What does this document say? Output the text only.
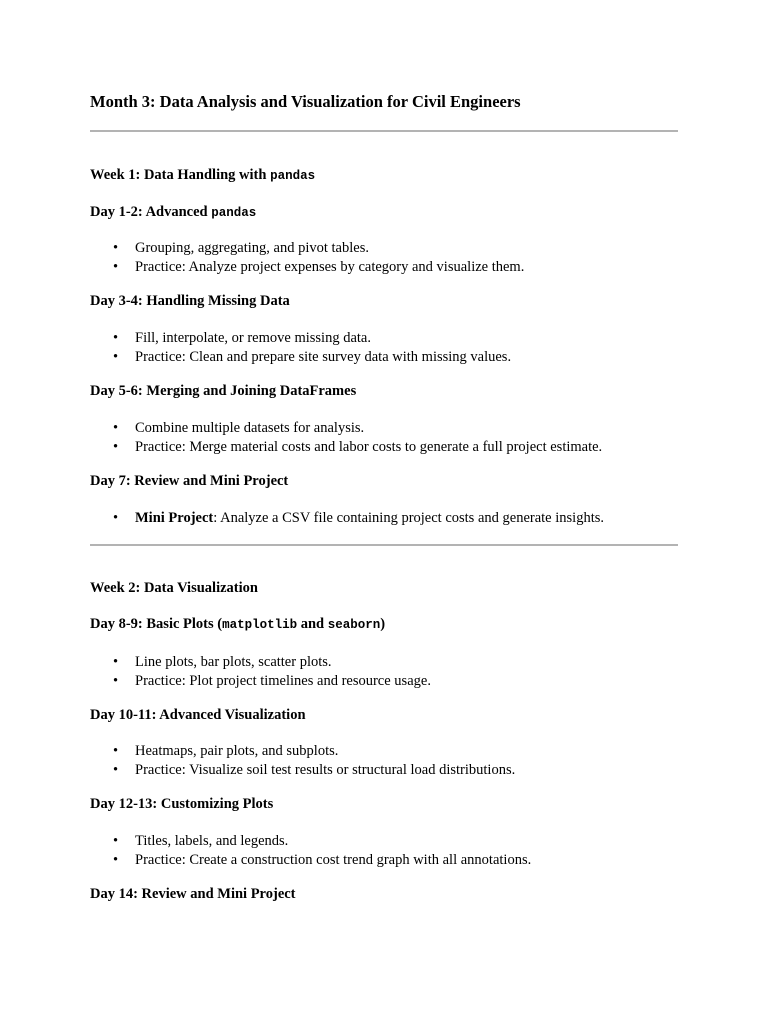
Month 3: Data Analysis and Visualization for Civil Engineers
Week 1: Data Handling with pandas
Day 1-2: Advanced pandas
• Grouping, aggregating, and pivot tables.
• Practice: Analyze project expenses by category and visualize them.
Day 3-4: Handling Missing Data
• Fill, interpolate, or remove missing data.
• Practice: Clean and prepare site survey data with missing values.
Day 5-6: Merging and Joining DataFrames
• Combine multiple datasets for analysis.
• Practice: Merge material costs and labor costs to generate a full project estimate.
Day 7: Review and Mini Project
• Mini Project: Analyze a CSV file containing project costs and generate insights.
Week 2: Data Visualization
Day 8-9: Basic Plots (matplotlib and seaborn)
• Line plots, bar plots, scatter plots.
• Practice: Plot project timelines and resource usage.
Day 10-11: Advanced Visualization
• Heatmaps, pair plots, and subplots.
• Practice: Visualize soil test results or structural load distributions.
Day 12-13: Customizing Plots
• Titles, labels, and legends.
• Practice: Create a construction cost trend graph with all annotations.
Day 14: Review and Mini Project
